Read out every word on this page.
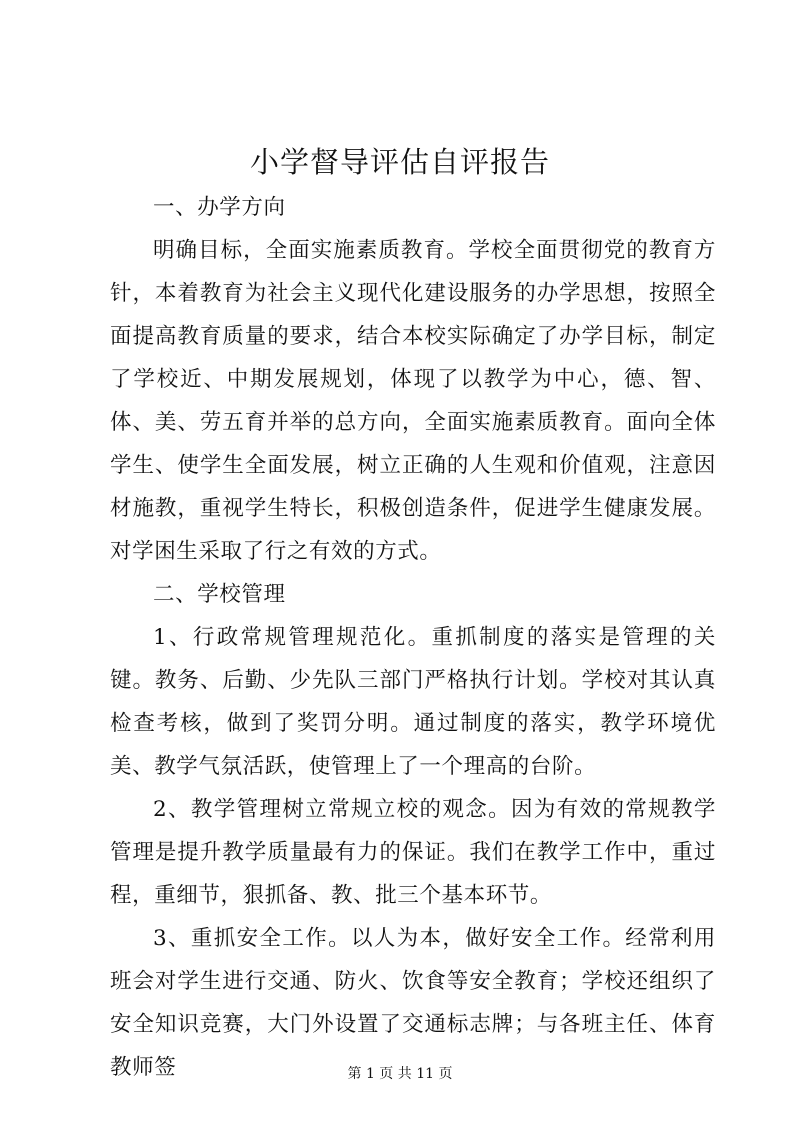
小学督导评估自评报告

一、办学方向

明确目标，全面实施素质教育。学校全面贯彻党的教育方针，本着教育为社会主义现代化建设服务的办学思想，按照全面提高教育质量的要求，结合本校实际确定了办学目标，制定了学校近、中期发展规划，体现了以教学为中心，德、智、体、美、劳五育并举的总方向，全面实施素质教育。面向全体学生、使学生全面发展，树立正确的人生观和价值观，注意因材施教，重视学生特长，积极创造条件，促进学生健康发展。对学困生采取了行之有效的方式。

二、学校管理

1、行政常规管理规范化。重抓制度的落实是管理的关键。教务、后勤、少先队三部门严格执行计划。学校对其认真检查考核，做到了奖罚分明。通过制度的落实，教学环境优美、教学气氛活跃，使管理上了一个理高的台阶。

2、教学管理树立常规立校的观念。因为有效的常规教学管理是提升教学质量最有力的保证。我们在教学工作中，重过程，重细节，狠抓备、教、批三个基本环节。

3、重抓安全工作。以人为本，做好安全工作。经常利用班会对学生进行交通、防火、饮食等安全教育；学校还组织了安全知识竞赛，大门外设置了交通标志牌；与各班主任、体育教师签	第 1 页 共 11 页
